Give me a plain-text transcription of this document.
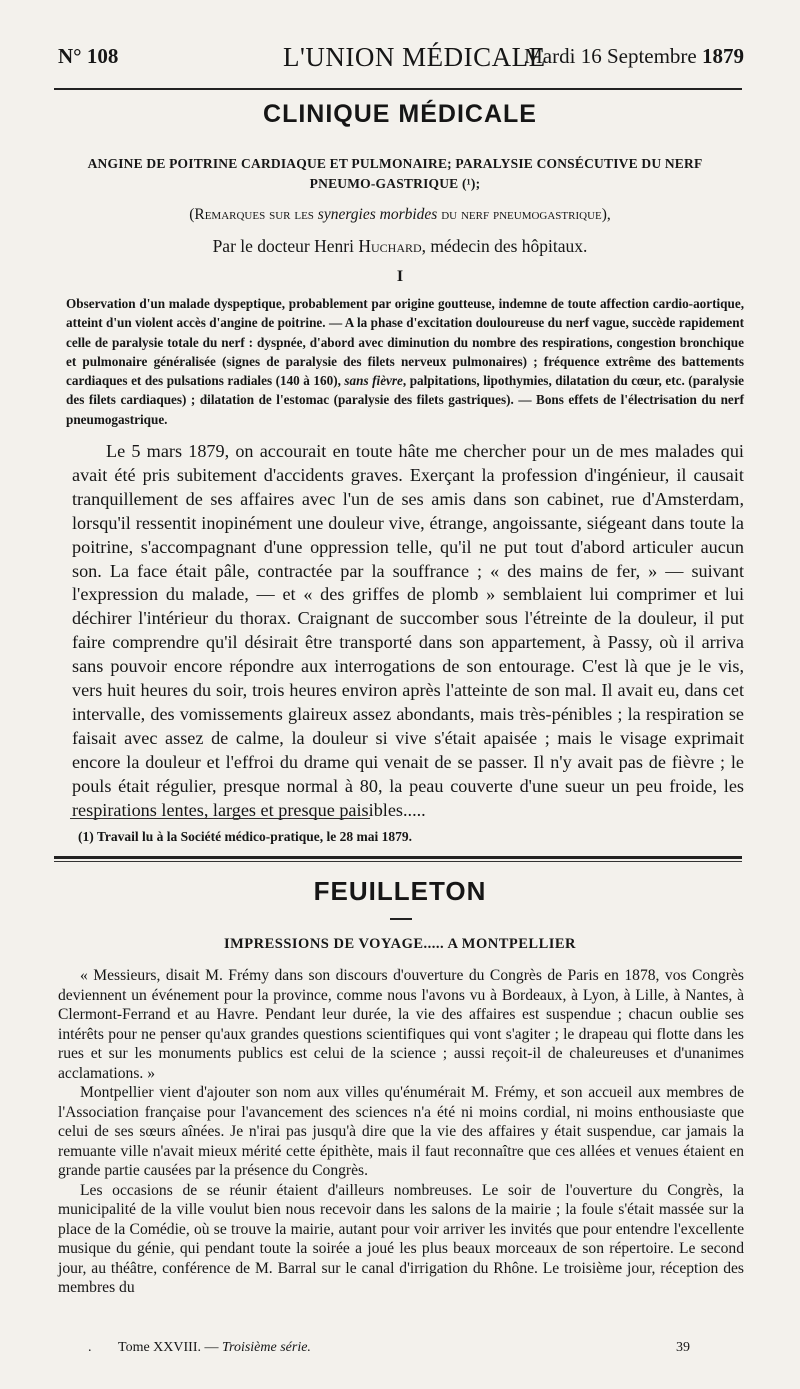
N° 108	L'UNION MÉDICALE
Mardi 16 Septembre 1879
CLINIQUE MÉDICALE
ANGINE DE POITRINE CARDIAQUE ET PULMONAIRE; PARALYSIE CONSÉCUTIVE DU NERF
PNEUMO-GASTRIQUE (¹);
(Remarques sur les synergies morbides du nerf pneumogastrique),
Par le docteur Henri Huchard, médecin des hôpitaux.
I
Observation d'un malade dyspeptique, probablement par origine goutteuse, indemne de toute affection cardio-aortique, atteint d'un violent accès d'angine de poitrine. — A la phase d'excitation douloureuse du nerf vague, succède rapidement celle de paralysie totale du nerf : dyspnée, d'abord avec diminution du nombre des respirations, congestion bronchique et pulmonaire généralisée (signes de paralysie des filets nerveux pulmonaires) ; fréquence extrême des battements cardiaques et des pulsations radiales (140 à 160), sans fièvre, palpitations, lipothymies, dilatation du cœur, etc. (paralysie des filets cardiaques) ; dilatation de l'estomac (paralysie des filets gastriques). — Bons effets de l'électrisation du nerf pneumogastrique.

Le 5 mars 1879, on accourait en toute hâte me chercher pour un de mes malades qui avait été pris subitement d'accidents graves. Exerçant la profession d'ingénieur, il causait tranquillement de ses affaires avec l'un de ses amis dans son cabinet, rue d'Amsterdam, lorsqu'il ressentit inopinément une douleur vive, étrange, angoissante, siégeant dans toute la poitrine, s'accompagnant d'une oppression telle, qu'il ne put tout d'abord articuler aucun son. La face était pâle, contractée par la souffrance ; « des mains de fer, » — suivant l'expression du malade, — et « des griffes de plomb » semblaient lui comprimer et lui déchirer l'intérieur du thorax. Craignant de succomber sous l'étreinte de la douleur, il put faire comprendre qu'il désirait être transporté dans son appartement, à Passy, où il arriva sans pouvoir encore répondre aux interrogations de son entourage. C'est là que je le vis, vers huit heures du soir, trois heures environ après l'atteinte de son mal. Il avait eu, dans cet intervalle, des vomissements glaireux assez abondants, mais très-pénibles ; la respiration se faisait avec assez de calme, la douleur si vive s'était apaisée ; mais le visage exprimait encore la douleur et l'effroi du drame qui venait de se passer. Il n'y avait pas de fièvre ; le pouls était régulier, presque normal à 80, la peau couverte d'une sueur un peu froide, les respirations lentes, larges et presque paisibles.....

(1) Travail lu à la Société médico-pratique, le 28 mai 1879.
FEUILLETON
IMPRESSIONS DE VOYAGE..... A MONTPELLIER

« Messieurs, disait M. Frémy dans son discours d'ouverture du Congrès de Paris en 1878, vos Congrès deviennent un événement pour la province, comme nous l'avons vu à Bordeaux, à Lyon, à Lille, à Nantes, à Clermont-Ferrand et au Havre. Pendant leur durée, la vie des affaires est suspendue ; chacun oublie ses intérêts pour ne penser qu'aux grandes questions scientifiques qui vont s'agiter ; le drapeau qui flotte dans les rues et sur les monuments publics est celui de la science ; aussi reçoit-il de chaleureuses et d'unanimes acclamations. »

Montpellier vient d'ajouter son nom aux villes qu'énumérait M. Frémy, et son accueil aux membres de l'Association française pour l'avancement des sciences n'a été ni moins cordial, ni moins enthousiaste que celui de ses sœurs aînées. Je n'irai pas jusqu'à dire que la vie des affaires y était suspendue, car jamais la remuante ville n'avait mieux mérité cette épithète, mais il faut reconnaître que ces allées et venues étaient en grande partie causées par la présence du Congrès.

Les occasions de se réunir étaient d'ailleurs nombreuses. Le soir de l'ouverture du Congrès, la municipalité de la ville voulut bien nous recevoir dans les salons de la mairie ; la foule s'était massée sur la place de la Comédie, où se trouve la mairie, autant pour voir arriver les invités que pour entendre l'excellente musique du génie, qui pendant toute la soirée a joué les plus beaux morceaux de son répertoire. Le second jour, au théâtre, conférence de M. Barral sur le canal d'irrigation du Rhône. Le troisième jour, réception des membres du

. Tome XXVIII. — Troisième série.	39
